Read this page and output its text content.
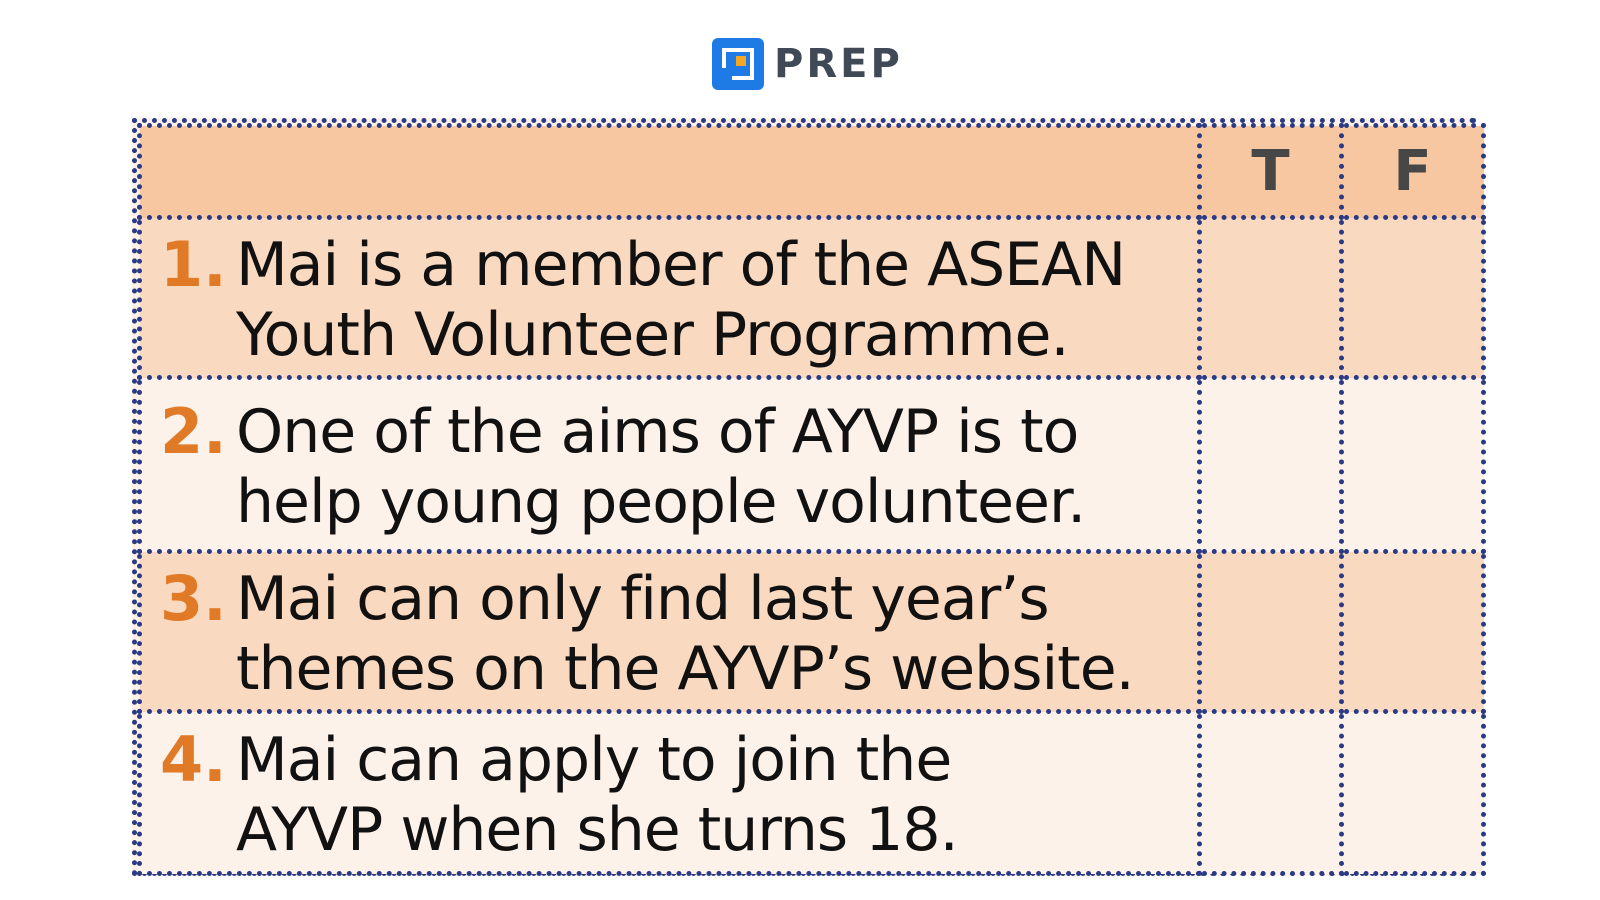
PREP
	T	F

1. Mai is a member of the ASEAN
Youth Volunteer Programme.		

2. One of the aims of AYVP is to
help young people volunteer.		

3. Mai can only find last year’s
themes on the AYVP’s website.		

4. Mai can apply to join the
AYVP when she turns 18.		
